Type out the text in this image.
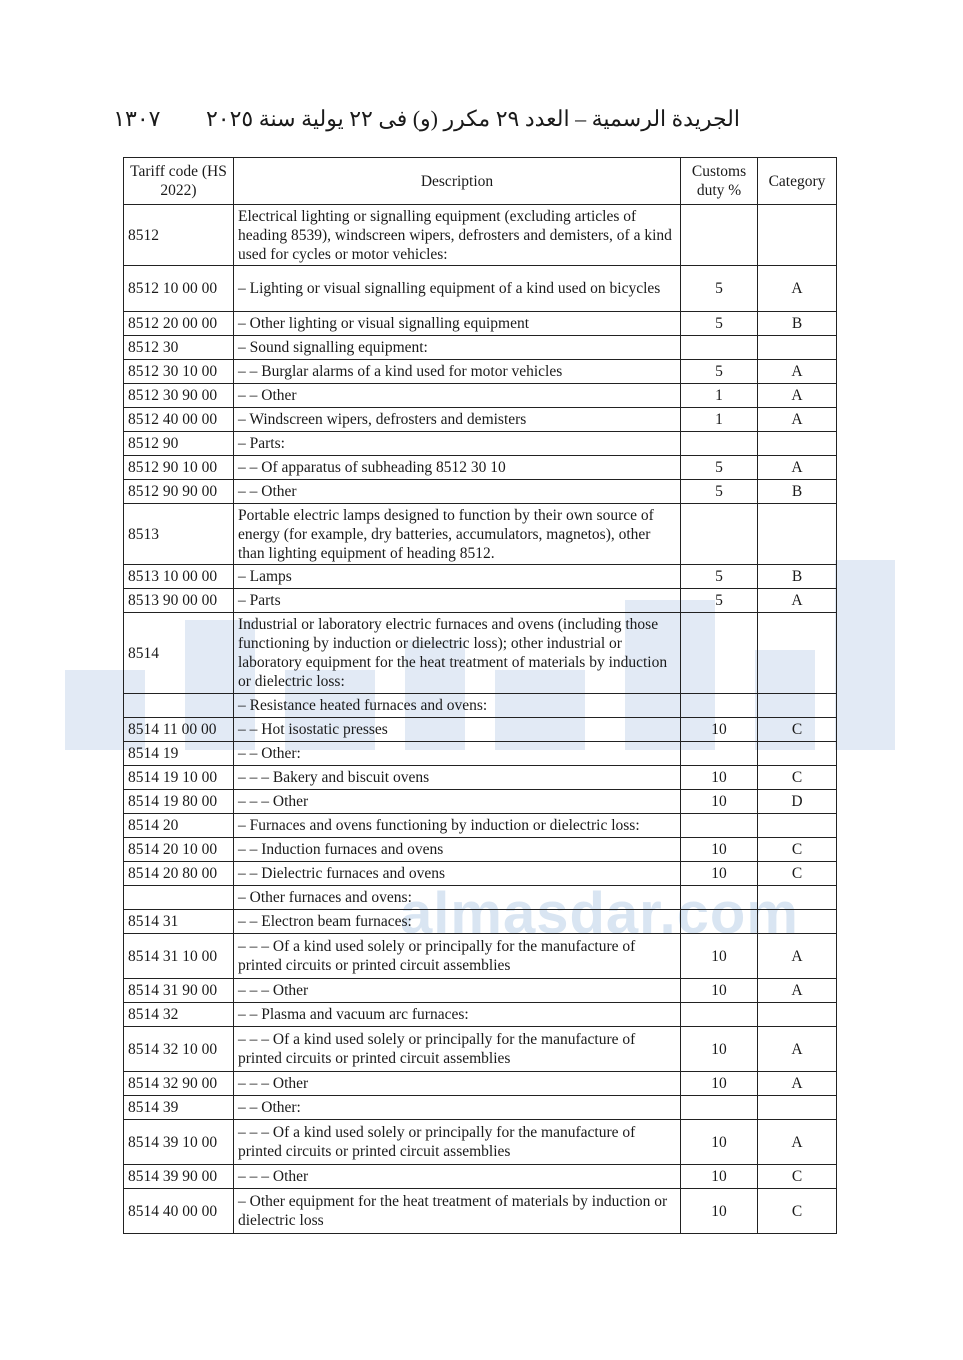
الجريدة الرسمية – العدد ٢٩ مكرر (و) فى ٢٢ يولية سنة ٢٠٢٥ ١٣٠٧
almasdar.com
Tariff code (HS 2022)	Description	Customs duty %	Category
8512	Electrical lighting or signalling equipment (excluding articles of heading 8539), windscreen wipers, defrosters and demisters, of a kind used for cycles or motor vehicles:		
8512 10 00 00	– Lighting or visual signalling equipment of a kind used on bicycles	5	A
8512 20 00 00	– Other lighting or visual signalling equipment	5	B
8512 30	– Sound signalling equipment:		
8512 30 10 00	– – Burglar alarms of a kind used for motor vehicles	5	A
8512 30 90 00	– – Other	1	A
8512 40 00 00	– Windscreen wipers, defrosters and demisters	1	A
8512 90	– Parts:		
8512 90 10 00	– – Of apparatus of subheading 8512 30 10	5	A
8512 90 90 00	– – Other	5	B
8513	Portable electric lamps designed to function by their own source of energy (for example, dry batteries, accumulators, magnetos), other than lighting equipment of heading 8512.		
8513 10 00 00	– Lamps	5	B
8513 90 00 00	– Parts	5	A
8514	Industrial or laboratory electric furnaces and ovens (including those functioning by induction or dielectric loss); other industrial or laboratory equipment for the heat treatment of materials by induction or dielectric loss:		
	– Resistance heated furnaces and ovens:		
8514 11 00 00	– – Hot isostatic presses	10	C
8514 19	– – Other:		
8514 19 10 00	– – – Bakery and biscuit ovens	10	C
8514 19 80 00	– – – Other	10	D
8514 20	– Furnaces and ovens functioning by induction or dielectric loss:		
8514 20 10 00	– – Induction furnaces and ovens	10	C
8514 20 80 00	– – Dielectric furnaces and ovens	10	C
	– Other furnaces and ovens:		
8514 31	– – Electron beam furnaces:		
8514 31 10 00	– – – Of a kind used solely or principally for the manufacture of printed circuits or printed circuit assemblies	10	A
8514 31 90 00	– – – Other	10	A
8514 32	– – Plasma and vacuum arc furnaces:		
8514 32 10 00	– – – Of a kind used solely or principally for the manufacture of printed circuits or printed circuit assemblies	10	A
8514 32 90 00	– – – Other	10	A
8514 39	– – Other:		
8514 39 10 00	– – – Of a kind used solely or principally for the manufacture of printed circuits or printed circuit assemblies	10	A
8514 39 90 00	– – – Other	10	C
8514 40 00 00	– Other equipment for the heat treatment of materials by induction or dielectric loss	10	C
